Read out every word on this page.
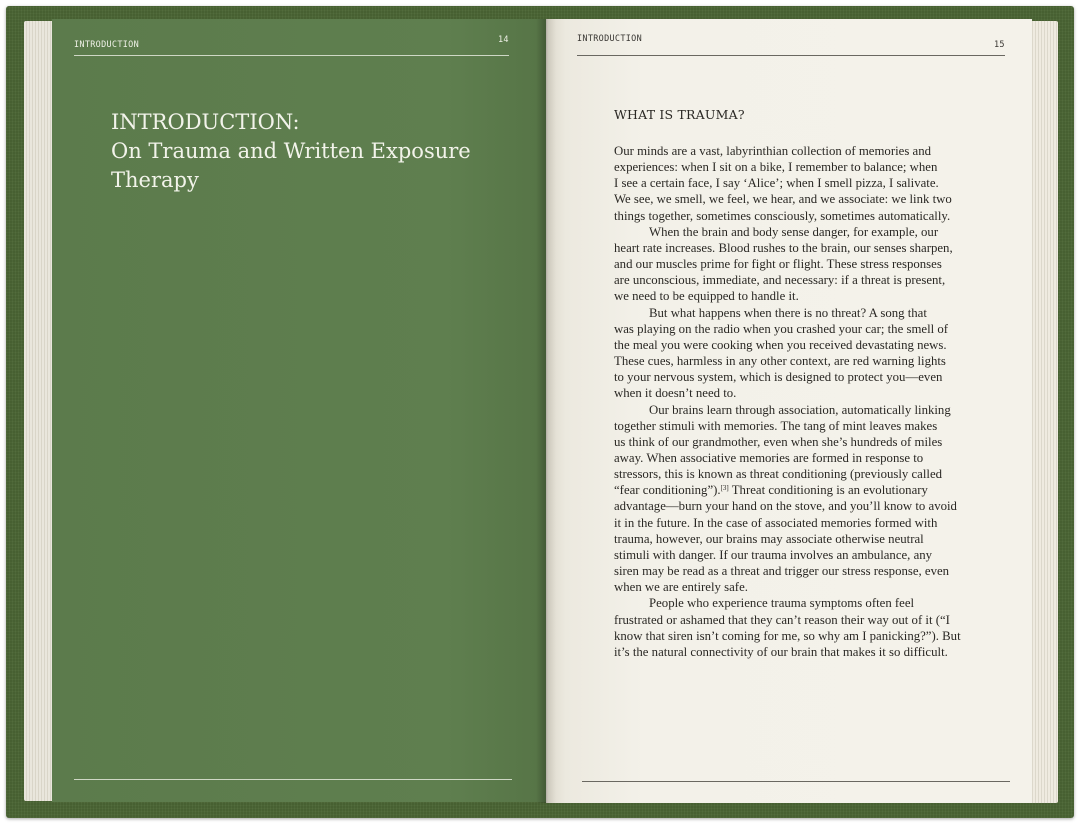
INTRODUCTION	14
INTRODUCTION:
On Trauma and Written Exposure
Therapy
INTRODUCTION
15
WHAT IS TRAUMA?

Our minds are a vast, labyrinthian collection of memories and
experiences: when I sit on a bike, I remember to balance; when
I see a certain face, I say ‘Alice’; when I smell pizza, I salivate.
We see, we smell, we feel, we hear, and we associate: we link two
things together, sometimes consciously, sometimes automatically.

When the brain and body sense danger, for example, our
heart rate increases. Blood rushes to the brain, our senses sharpen,
and our muscles prime for fight or flight. These stress responses
are unconscious, immediate, and necessary: if a threat is present,
we need to be equipped to handle it.

But what happens when there is no threat? A song that
was playing on the radio when you crashed your car; the smell of
the meal you were cooking when you received devastating news.
These cues, harmless in any other context, are red warning lights
to your nervous system, which is designed to protect you—even
when it doesn’t need to.

Our brains learn through association, automatically linking
together stimuli with memories. The tang of mint leaves makes
us think of our grandmother, even when she’s hundreds of miles
away. When associative memories are formed in response to
stressors, this is known as threat conditioning (previously called
“fear conditioning”).[3] Threat conditioning is an evolutionary
advantage—burn your hand on the stove, and you’ll know to avoid
it in the future. In the case of associated memories formed with
trauma, however, our brains may associate otherwise neutral
stimuli with danger. If our trauma involves an ambulance, any
siren may be read as a threat and trigger our stress response, even
when we are entirely safe.

People who experience trauma symptoms often feel
frustrated or ashamed that they can’t reason their way out of it (“I
know that siren isn’t coming for me, so why am I panicking?”). But
it’s the natural connectivity of our brain that makes it so difficult.
